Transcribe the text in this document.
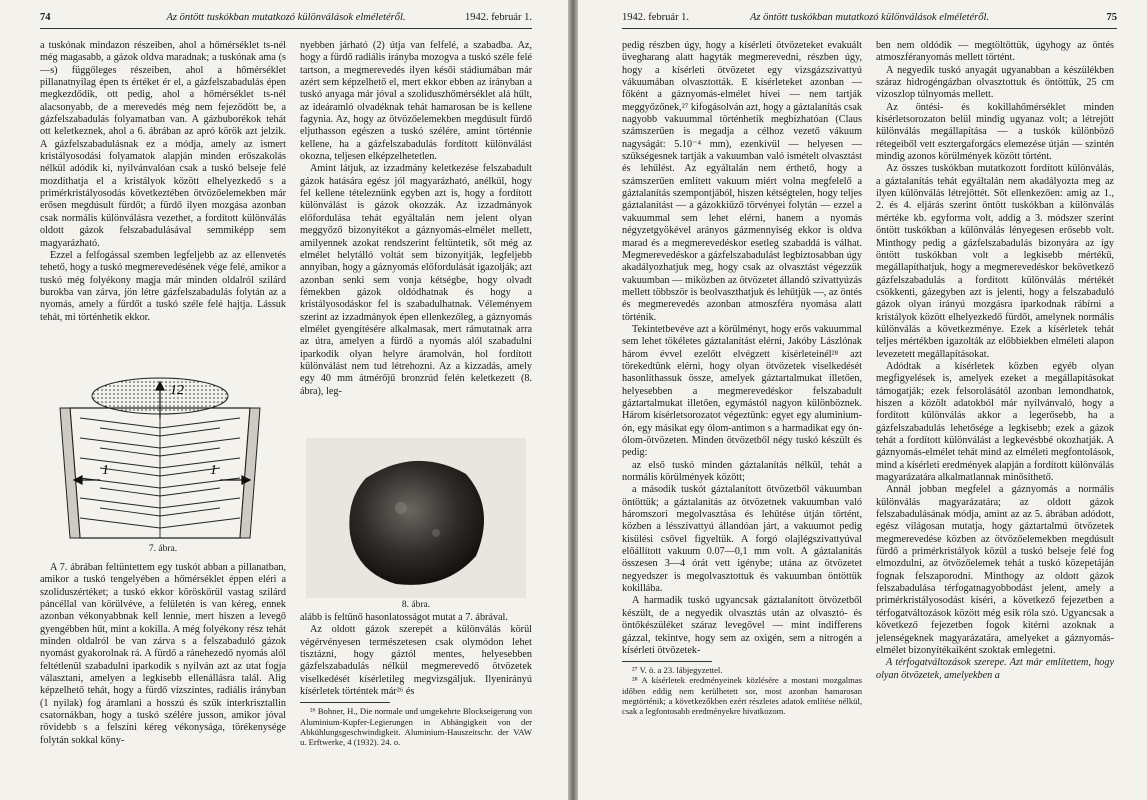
74	Az öntött tuskókban mutatkozó különválások elméletéről.	1942. február 1.

a tuskónak mindazon részeiben, ahol a hőmérséklet ts-nél még magasabb, a gázok oldva maradnak; a tuskónak ama (s—s) függőleges részeiben, ahol a hőmérséklet pillanatnyilag épen ts értéket ér el, a gázfelszabadulás épen megkezdődik, ott pedig, ahol a hőmérséklet ts-nél alacsonyabb, de a merevedés még nem fejeződött be, a gázfelszabadulás folyamatban van. A gázbuborékok tehát ott keletkeznek, ahol a 6. ábrában az apró körök azt jelzik. A gázfelszabadulásnak ez a módja, amely az ismert kristályosodási folyamatok alapján minden erőszakolás nélkül adódik ki, nyilvánvalóan csak a tuskó belseje felé mozdíthatja el a kristályok között elhelyezkedő s a primérkristályosodás következtében ötvözőelemekben már erősen megdúsult fürdőt; a fürdő ilyen mozgása azonban csak normális különválásra vezethet, a fordított különválás oldott gázok felszabadulásával semmiképp sem magyarázható.

Ezzel a felfogással szemben legfeljebb az az ellenvetés tehető, hogy a tuskó megmerevedésének vége felé, amikor a tuskó még folyékony magja már minden oldalról szilárd burokba van zárva, jön létre gázfelszabadulás folytán az a nyomás, amely a fürdőt a tuskó széle felé hajtja. Lássuk tehát, mi történhetik ekkor.

12
1	1
7. ábra.

A 7. ábrában feltüntettem egy tuskót abban a pillanatban, amikor a tuskó tengelyében a hőmérséklet éppen eléri a szoliduszértéket; a tuskó ekkor köröskörül vastag szilárd páncéllal van körülvéve, a felületén is van kéreg, ennek azonban vékonyabbnak kell lennie, mert hiszen a levegő gyengébben hűt, mint a kokilla. A még folyékony rész tehát minden oldalról be van zárva s a felszabaduló gázok nyomást gyakorolnak rá. A fürdő a ránehezedő nyomás alól feltétlenül szabadulni iparkodik s nyilván azt az utat fogja választani, amelyen a legkisebb ellenállásra talál. Alig képzelhető tehát, hogy a fürdő vízszintes, radiális irányban (1 nyilak) fog áramlani a hosszú és szűk interkrisztallin csatornákban, hogy a tuskó szélére jusson, amikor jóval rövidebb s a felszíni kéreg vékonysága, törékenysége folytán sokkal köny-

nyebben járható (2) útja van felfelé, a szabadba. Az, hogy a fürdő radiális irányba mozogva a tuskó széle felé tartson, a megmerevedés ilyen késői stádiumában már azért sem képzelhető el, mert ekkor ebben az irányban a tuskó anyaga már jóval a szoliduszhőmérséklet alá hűlt, az ideáramló olvadéknak tehát hamarosan be is kellene fagynia. Az, hogy az ötvözőelemekben megdúsult fürdő eljuthasson egészen a tuskó szélére, amint történnie kellene, ha a gázfelszabadulás fordított különválást okozna, teljesen elképzelhetetlen.

Amint látjuk, az izzadmány keletkezése felszabadult gázok hatására egész jól magyarázható, anélkül, hogy fel kellene tételeznünk egyben azt is, hogy a fordított különválást is gázok okozzák. Az izzadmányok előfordulása tehát egyáltalán nem jelent olyan meggyőző bizonyítékot a gáznyomás-elmélet mellett, amilyennek azokat rendszerint feltüntetik, sőt még az elmélet helytálló voltát sem bizonyítják, legfeljebb annyiban, hogy a gáznyomás előfordulását igazolják; azt azonban senki sem vonja kétségbe, hogy olvadt fémekben gázok oldódhatnak és hogy a kristályosodáskor fel is szabadulhatnak. Véleményem szerint az izzadmányok épen ellenkezőleg, a gáznyomás elmélet gyengítésére alkalmasak, mert rámutatnak arra az útra, amelyen a fürdő a nyomás alól szabadulni iparkodik olyan helyre áramolván, hol fordított különválást nem tud létrehozni. Az a kizzadás, amely egy 40 mm átmérőjű bronzrúd felén keletkezett (8. ábra), leg-

8. ábra.

alább is feltűnő hasonlatosságot mutat a 7. ábrával.

Az oldott gázok szerepét a különválás körül végérvényesen természetesen csak olymódon lehet tisztázni, hogy gáztól mentes, helyesebben gázfelszabadulás nélkül megmerevedő ötvözetek viselkedését kísérletileg megvizsgáljuk. Ilyenirányú kísérletek történtek már²⁶ és

²⁶ Bohner, H., Die normale und umgekehrte Blockseigerung von Aluminium-Kupfer-Legierungen in Abhängigkeit von der Abkühlungsgeschwindigkeit. Aluminium-Hauszeitschr. der VAW u. Erftwerke, 4 (1932). 24. o.

1942. február 1.	Az öntött tuskókban mutatkozó különválások elméletéről.	75

pedig részben úgy, hogy a kísérleti ötvözeteket evakuált üvegharang alatt hagyták megmerevedni, részben úgy, hogy a kísérleti ötvözetet egy vizsgázszivattyú vákuumában olvasztották. E kísérleteket azonban — főként a gáznyomás-elmélet hívei — nem tartják meggyőzőnek,²⁷ kifogásolván azt, hogy a gáztalanítás csak nagyobb vakuummal történhetik megbízhatóan (Claus számszerűen is megadja a célhoz vezető vákuum nagyságát: 5.10⁻⁴ mm), ezenkívül — helyesen — szükségesnek tartják a vakuumban való ismételt olvasztást és lehűlést. Az egyáltalán nem érthető, hogy a számszerűen említett vakuum miért volna megfelelő a gáztalanítás szempontjából, hiszen kétségtelen, hogy teljes gáztalanítást — a gázokkiűző törvényei folytán — ezzel a vakuummal sem lehet elérni, hanem a nyomás négyzetgyökével arányos gázmennyiség ekkor is oldva marad és a megmerevedéskor esetleg szabaddá is válhat. Megmerevedéskor a gázfelszabadulást legbiztosabban úgy akadályozhatjuk meg, hogy csak az olvasztást végezzük vakuumban — miközben az ötvözetet állandó szivattyúzás mellett többször is beolvaszthatjuk és lehűtjük —, az öntés és megmerevedés azonban atmoszféra nyomása alatt történik.

Tekintetbevéve azt a körülményt, hogy erős vakuummal sem lehet tökéletes gáztalanítást elérni, Jakóby Lászlónak három évvel ezelőtt elvégzett kísérleteinél²⁸ azt törekedtünk elérni, hogy olyan ötvözetek viselkedését hasonlíthassuk össze, amelyek gáztartalmukat illetően, helyesebben a megmerevedéskor felszabadult gáztartalmukat illetően, egymástól nagyon különböznek. Három kísérletsorozatot végeztünk: egyet egy aluminium-ón, egy másikat egy ólom-antimon s a harmadikat egy ón-ólom-ötvözeten. Minden ötvözetből négy tuskó készült és pedig:

az első tuskó minden gáztalanítás nélkül, tehát a normális körülmények között;

a második tuskót gáztalanított ötvözetből vákuumban öntöttük; a gáztalanítás az ötvözetnek vakuumban való háromszori megolvasztása és lehűtése útján történt, közben a lésszivattyú állandóan járt, a vakuumot pedig kisülési csővel figyeltük. A forgó olajlégszivattyúval előállított vakuum 0.07—0,1 mm volt. A gáztalanítás összesen 3—4 órát vett igénybe; utána az ötvözetet negyedszer is megolvasztottuk és vakuumban öntöttük kokillába.

A harmadik tuskó ugyancsak gáztalanított ötvözetből készült, de a negyedik olvasztás után az olvasztó- és öntőkészüléket száraz levegővel — mint indifferens gázzal, tekintve, hogy sem az oxigén, sem a nitrogén a kísérleti ötvözetek-

²⁷ V. ö. a 23. lábjegyzettel.

²⁸ A kísérletek eredményeinek közlésére a mostani mozgalmas időben eddig nem kerülhetett sor, most azonban hamarosan megtörténik; a következőkben ezért részletes adatok említése nélkül, csak a legfontosabb eredményekre hivatkozom.

ben nem oldódik — megtöltöttük, úgyhogy az öntés atmoszféranyomás mellett történt.

A negyedik tuskó anyagát ugyanabban a készülékben száraz hidrogéngázban olvasztottuk és öntöttük, 25 cm vízoszlop túlnyomás mellett.

Az öntési- és kokillahőmérséklet minden kísérletsorozaton belül mindig ugyanaz volt; a létrejött különválás megállapítása — a tuskók különböző rétegeiből vett esztergaforgács elemezése útján — szintén mindig azonos körülmények között történt.

Az összes tuskókban mutatkozott fordított különválás, a gáztalanítás tehát egyáltalán nem akadályozta meg az ilyen különválás létrejöttét. Sőt ellenkezően: amig az 1., 2. és 4. eljárás szerint öntött tuskókban a különválás mértéke kb. egyforma volt, addig a 3. módszer szerint öntött tuskókban a különválás lényegesen erősebb volt. Minthogy pedig a gázfelszabadulás bizonyára az így öntött tuskókban volt a legkisebb mértékű, megállapíthatjuk, hogy a megmerevedéskor bekövetkező gázfelszabadulás a fordított különválás mértékét csökkenti, gázegyben azt is jelenti, hogy a felszabaduló gázok olyan irányú mozgásra iparkodnak rábírni a kristályok között elhelyezkedő fürdőt, amelynek normális különválás a következménye. Ezek a kísérletek tehát teljes mértékben igazolták az előbbiekben elméleti alapon levezetett megállapításokat.

Adódtak a kísérletek közben egyéb olyan megfigyelések is, amelyek ezeket a megállapításokat támogatják; ezek felsorolásától azonban lemondhatok, hiszen a közölt adatokból már nyilvánvaló, hogy a fordított különválás akkor a legerősebb, ha a gázfelszabadulás lehetősége a legkisebb; ezek a gázok tehát a fordított különválást a legkevésbbé okozhatják. A gáznyomás-elmélet tehát mind az elméleti megfontolások, mind a kísérleti eredmények alapján a fordított különválás magyarázatára alkalmatlannak minősíthető.

Annál jobban megfelel a gáznyomás a normális különválás magyarázatára; az oldott gázok felszabadulásának módja, amint az az 5. ábrában adódott, egész világosan mutatja, hogy gáztartalmú ötvözetek megmerevedése közben az ötvözőelemekben megdúsult fürdő a primérkristályok közül a tuskó belseje felé fog elmozdulni, az ötvözőelemek tehát a tuskó közepetáján fognak felszaporodni. Minthogy az oldott gázok felszabadulása térfogatnagyobbodást jelent, amely a primérkristályosodást kíséri, a következő fejezetben a térfogatváltozások között még esik róla szó. Ugyancsak a következő fejezetben fogok kitérni azoknak a jelenségeknek magyarázatára, amelyeket a gáznyomás-elmélet bizonyítékaiként szoktak emlegetni.

A térfogatváltozások szerepe. Azt már említettem, hogy olyan ötvözetek, amelyekben a
